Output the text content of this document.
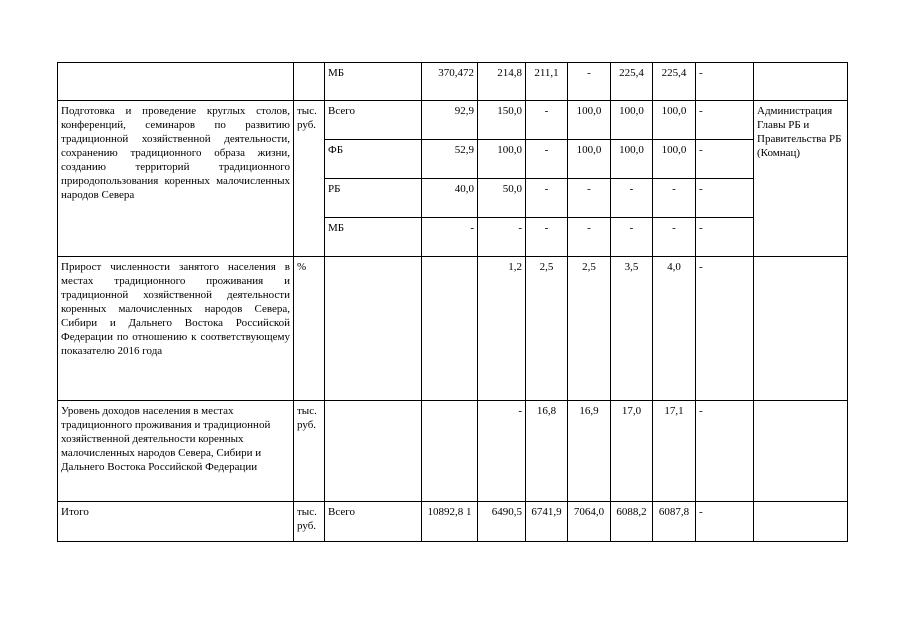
		МБ	370,472	214,8	211,1	-	225,4	225,4	-	
Подготовка и проведение круглых столов, конференций, семинаров по развитию традиционной хозяйственной деятельности, сохранению традиционного образа жизни, созданию территорий традиционного природопользования коренных малочисленных народов Севера	тыс. руб.	Всего	92,9	150,0	-	100,0	100,0	100,0	-	Администрация Главы РБ и Правительства РБ (Комнац)
		ФБ	52,9	100,0	-	100,0	100,0	100,0	-	
		РБ	40,0	50,0	-	-	-	-	-	
		МБ	-	-	-	-	-	-	-	
Прирост численности занятого населения в местах традиционного проживания и традиционной хозяйственной деятельности коренных малочисленных народов Севера, Сибири и Дальнего Востока Российской Федерации по отношению к соответствующему показателю 2016 года	%			1,2	2,5	2,5	3,5	4,0	-	
Уровень доходов населения в местах традиционного проживания и традиционной хозяйственной деятельности коренных малочисленных народов Севера, Сибири и Дальнего Востока Российской Федерации	тыс. руб.			-	16,8	16,9	17,0	17,1	-	
Итого	тыс. руб.	Всего	10892,8 1	6490,5	6741,9	7064,0	6088,2	6087,8	-	
